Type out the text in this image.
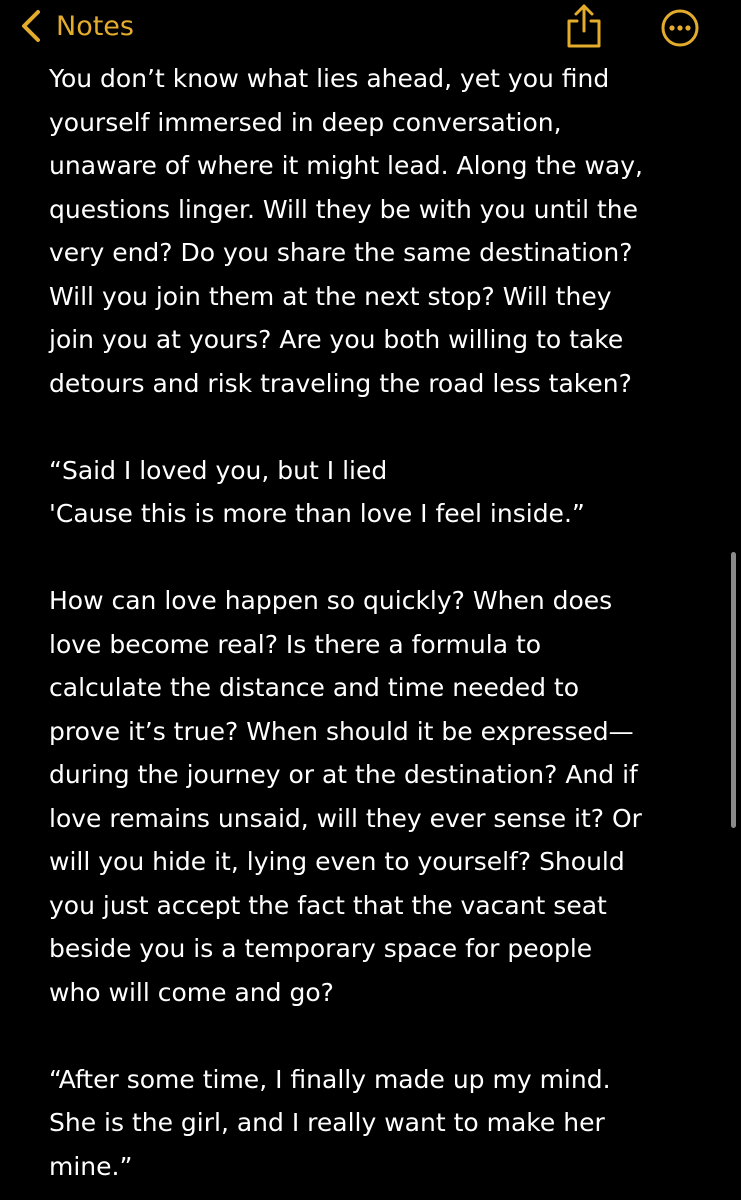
Notes
You don’t know what lies ahead, yet you find
yourself immersed in deep conversation,
unaware of where it might lead. Along the way,
questions linger. Will they be with you until the
very end? Do you share the same destination?
Will you join them at the next stop? Will they
join you at yours? Are you both willing to take
detours and risk traveling the road less taken?
“Said I loved you, but I lied
'Cause this is more than love I feel inside.”
How can love happen so quickly? When does
love become real? Is there a formula to
calculate the distance and time needed to
prove it’s true? When should it be expressed—
during the journey or at the destination? And if
love remains unsaid, will they ever sense it? Or
will you hide it, lying even to yourself? Should
you just accept the fact that the vacant seat
beside you is a temporary space for people
who will come and go?
“After some time, I finally made up my mind.
She is the girl, and I really want to make her
mine.”
